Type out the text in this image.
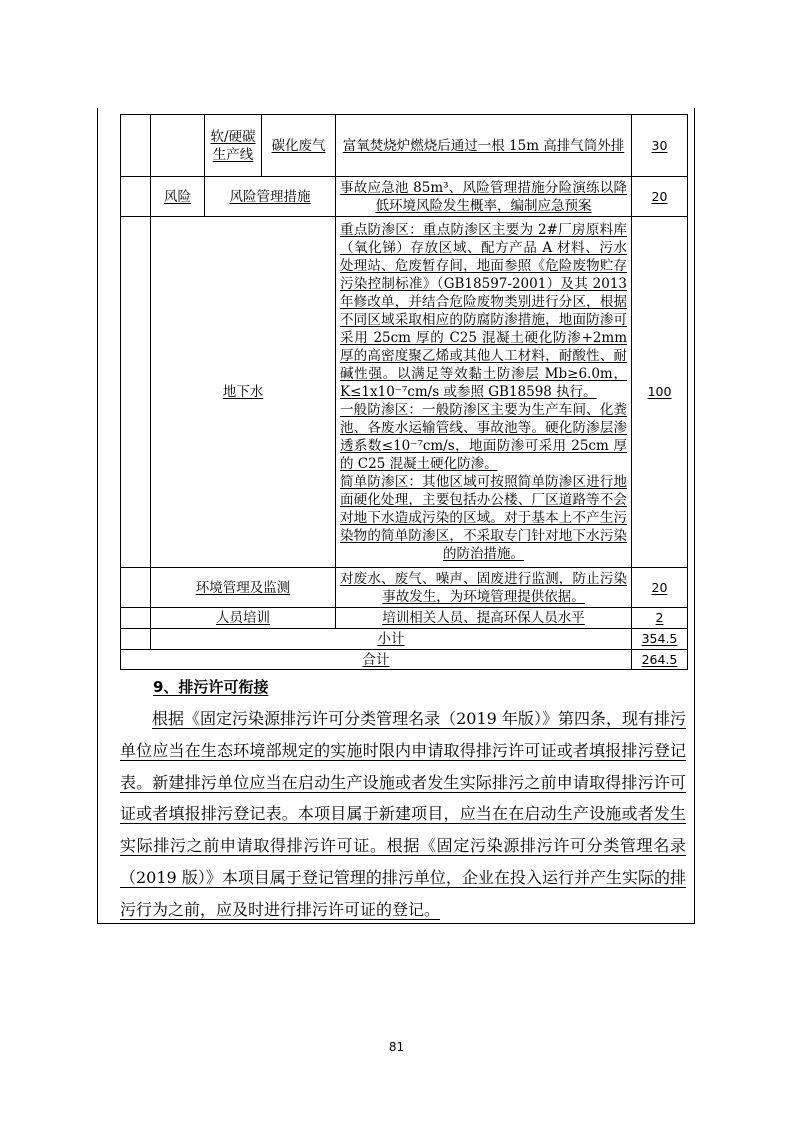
		软/硬碳生产线	碳化废气	富氧焚烧炉燃烧后通过一根 15m 高排气筒外排	30
	风险	风险管理措施		事故应急池 85m³、风险管理措施分险演练以降低环境风险发生概率，编制应急预案	20
	地下水			重点防渗区：重点防渗区主要为 2#厂房原料库（氧化锑）存放区域、配方产品 A 材料、污水处理站、危废暂存间，地面参照《危险废物贮存污染控制标准》（GB18597-2001）及其 2013 年修改单，并结合危险废物类别进行分区，根据不同区域采取相应的防腐防渗措施，地面防渗可采用 25cm 厚的 C25 混凝土硬化防渗+2mm 厚的高密度聚乙烯或其他人工材料，耐酸性、耐碱性强。以满足等效黏土防渗层 Mb≥6.0m，K≤1x10⁻⁷cm/s 或参照 GB18598 执行。

一般防渗区：一般防渗区主要为生产车间、化粪池、各废水运输管线、事故池等。硬化防渗层渗透系数≤10⁻⁷cm/s，地面防渗可采用 25cm 厚的 C25 混凝土硬化防渗。

简单防渗区：其他区域可按照简单防渗区进行地面硬化处理，主要包括办公楼、厂区道路等不会对地下水造成污染的区域。对于基本上不产生污染物的简单防渗区，不采取专门针对地下水污染的防治措施。	100
	环境管理及监测			对废水、废气、噪声、固废进行监测，防止污染事故发生，为环境管理提供依据。	20
	人员培训			培训相关人员、提高环保人员水平	2
	小计				354.5
合计					264.5
9、排污许可衔接

根据《固定污染源排污许可分类管理名录（2019 年版）》第四条，现有排污单位应当在生态环境部规定的实施时限内申请取得排污许可证或者填报排污登记表。新建排污单位应当在启动生产设施或者发生实际排污之前申请取得排污许可证或者填报排污登记表。本项目属于新建项目，应当在在启动生产设施或者发生实际排污之前申请取得排污许可证。根据《固定污染源排污许可分类管理名录（2019 版）》本项目属于登记管理的排污单位，企业在投入运行并产生实际的排污行为之前，应及时进行排污许可证的登记。

81
